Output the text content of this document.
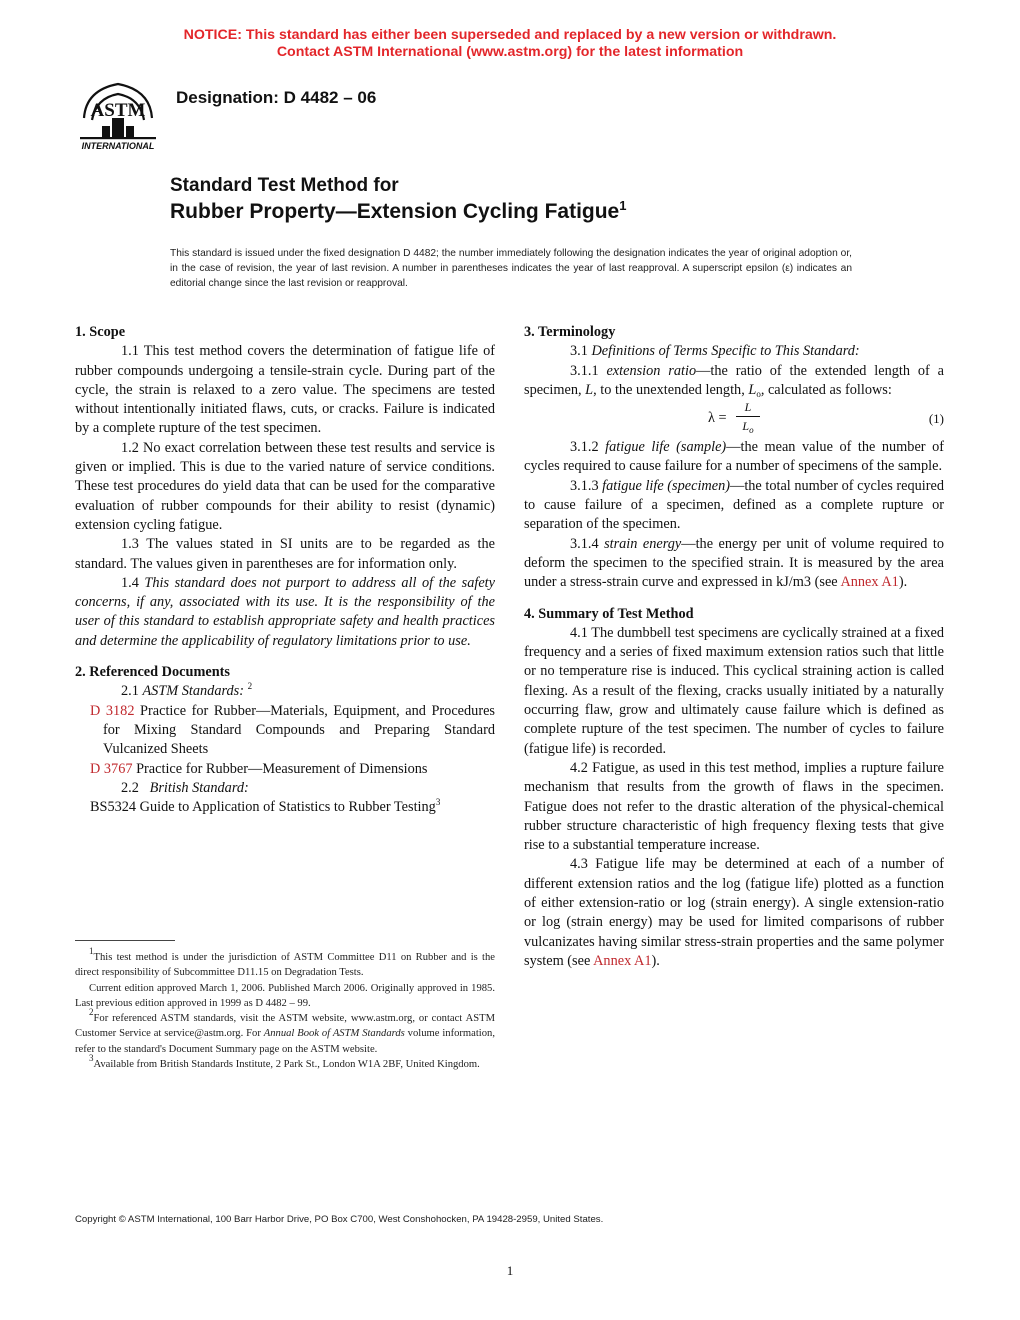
NOTICE: This standard has either been superseded and replaced by a new version or withdrawn.
Contact ASTM International (www.astm.org) for the latest information
ASTM
INTERNATIONAL
Designation: D 4482 – 06
Standard Test Method for
Rubber Property—Extension Cycling Fatigue$^1$

This standard is issued under the fixed designation D 4482; the number immediately following the designation indicates the year of original adoption or, in the case of revision, the year of last revision. A number in parentheses indicates the year of last reapproval. A superscript epsilon (ε) indicates an editorial change since the last revision or reapproval.

1. Scope

1.1 This test method covers the determination of fatigue life of rubber compounds undergoing a tensile-strain cycle. During part of the cycle, the strain is relaxed to a zero value. The specimens are tested without intentionally initiated flaws, cuts, or cracks. Failure is indicated by a complete rupture of the test specimen.

1.2 No exact correlation between these test results and service is given or implied. This is due to the varied nature of service conditions. These test procedures do yield data that can be used for the comparative evaluation of rubber compounds for their ability to resist (dynamic) extension cycling fatigue.

1.3 The values stated in SI units are to be regarded as the standard. The values given in parentheses are for information only.

1.4 This standard does not purport to address all of the safety concerns, if any, associated with its use. It is the responsibility of the user of this standard to establish appropriate safety and health practices and determine the applicability of regulatory limitations prior to use.

2. Referenced Documents

2.1 ASTM Standards: $^2$

D 3182 Practice for Rubber—Materials, Equipment, and Procedures for Mixing Standard Compounds and Preparing Standard Vulcanized Sheets

D 3767 Practice for Rubber—Measurement of Dimensions

2.2 British Standard:

BS5324 Guide to Application of Statistics to Rubber Testing$^3$

$^1$This test method is under the jurisdiction of ASTM Committee D11 on Rubber and is the direct responsibility of Subcommittee D11.15 on Degradation Tests.

Current edition approved March 1, 2006. Published March 2006. Originally approved in 1985. Last previous edition approved in 1999 as D 4482 – 99.

$^2$For referenced ASTM standards, visit the ASTM website, www.astm.org, or contact ASTM Customer Service at service@astm.org. For Annual Book of ASTM Standards volume information, refer to the standard's Document Summary page on the ASTM website.

$^3$Available from British Standards Institute, 2 Park St., London W1A 2BF, United Kingdom.

3. Terminology

3.1 Definitions of Terms Specific to This Standard:

3.1.1 extension ratio—the ratio of the extended length of a specimen, L, to the unextended length, $L_o$, calculated as follows:

λ =
L
$L_o$
(1)

3.1.2 fatigue life (sample)—the mean value of the number of cycles required to cause failure for a number of specimens of the sample.

3.1.3 fatigue life (specimen)—the total number of cycles required to cause failure of a specimen, defined as a complete rupture or separation of the specimen.

3.1.4 strain energy—the energy per unit of volume required to deform the specimen to the specified strain. It is measured by the area under a stress-strain curve and expressed in kJ/m3 (see Annex A1).

4. Summary of Test Method

4.1 The dumbbell test specimens are cyclically strained at a fixed frequency and a series of fixed maximum extension ratios such that little or no temperature rise is induced. This cyclical straining action is called flexing. As a result of the flexing, cracks usually initiated by a naturally occurring flaw, grow and ultimately cause failure which is defined as complete rupture of the test specimen. The number of cycles to failure (fatigue life) is recorded.

4.2 Fatigue, as used in this test method, implies a rupture failure mechanism that results from the growth of flaws in the specimen. Fatigue does not refer to the drastic alteration of the physical-chemical rubber structure characteristic of high frequency flexing tests that give rise to a substantial temperature increase.

4.3 Fatigue life may be determined at each of a number of different extension ratios and the log (fatigue life) plotted as a function of either extension-ratio or log (strain energy). A single extension-ratio or log (strain energy) may be used for limited comparisons of rubber vulcanizates having similar stress-strain properties and the same polymer system (see Annex A1).

Copyright © ASTM International, 100 Barr Harbor Drive, PO Box C700, West Conshohocken, PA 19428-2959, United States.
1
